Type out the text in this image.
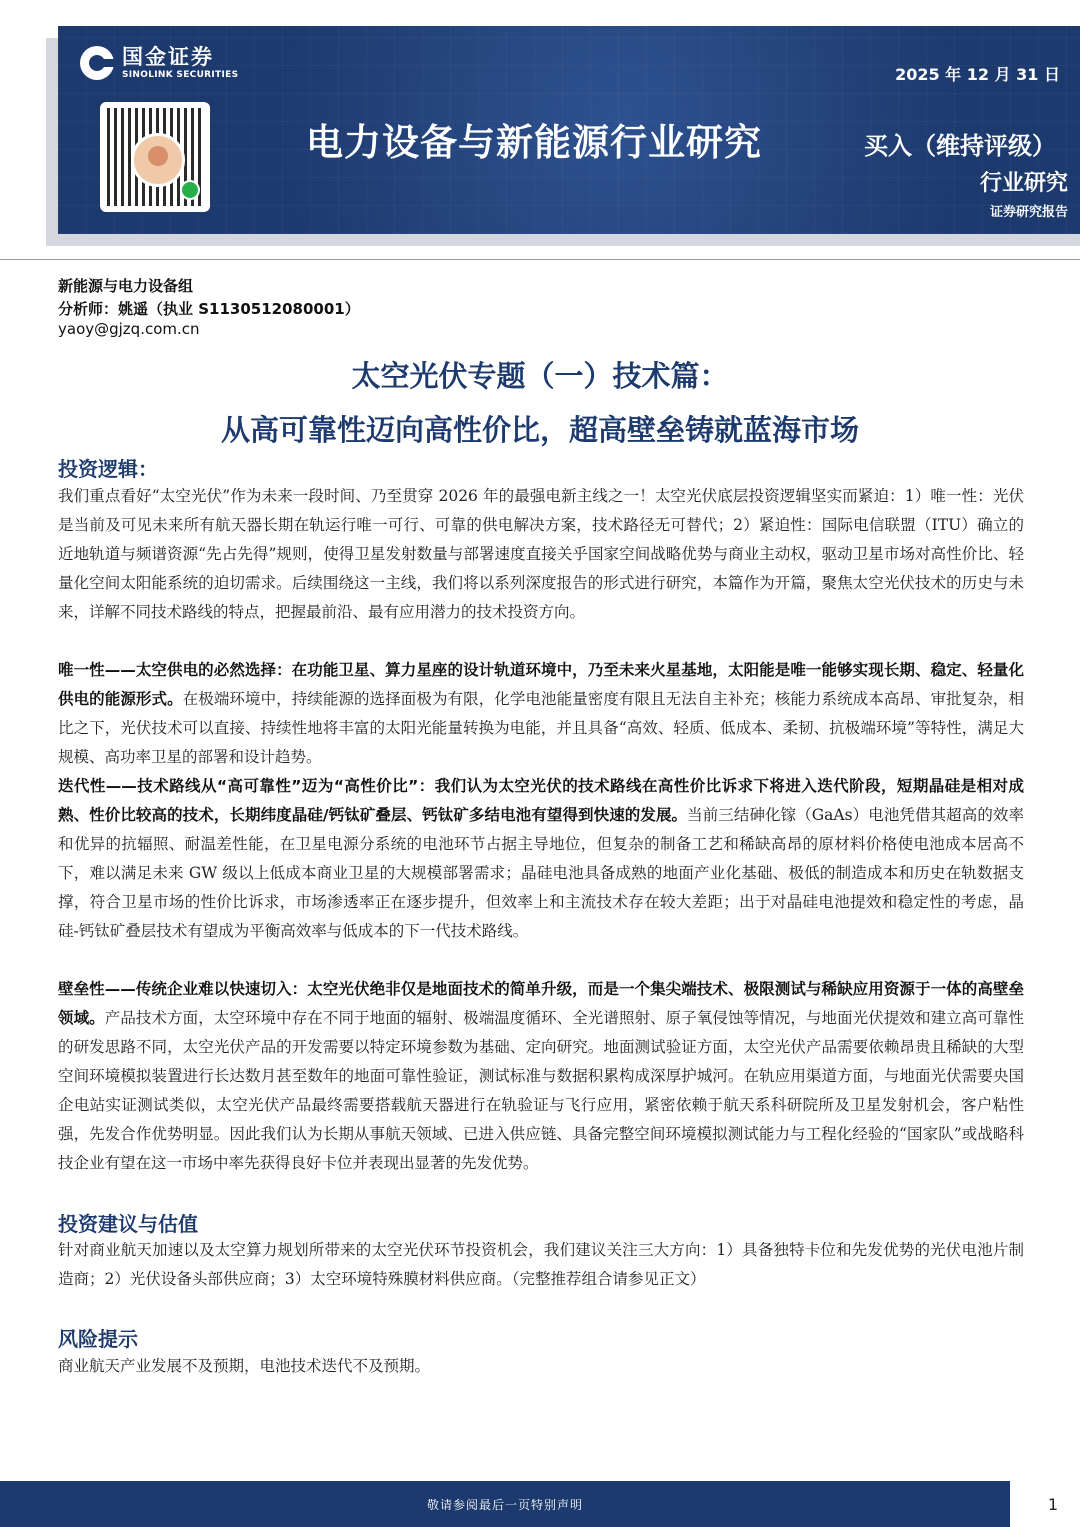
国金证券
SINOLINK SECURITIES	2025 年 12 月 31 日
电力设备与新能源行业研究	买入（维持评级）
行业研究
证券研究报告
新能源与电力设备组
分析师：姚遥（执业 S1130512080001）
yaoy@gjzq.com.cn
太空光伏专题（一）技术篇：
从高可靠性迈向高性价比，超高壁垒铸就蓝海市场
投资逻辑：

我们重点看好“太空光伏”作为未来一段时间、乃至贯穿 2026 年的最强电新主线之一！太空光伏底层投资逻辑坚实而紧迫：1）唯一性：光伏是当前及可见未来所有航天器长期在轨运行唯一可行、可靠的供电解决方案，技术路径无可替代；2）紧迫性：国际电信联盟（ITU）确立的近地轨道与频谱资源“先占先得”规则，使得卫星发射数量与部署速度直接关乎国家空间战略优势与商业主动权，驱动卫星市场对高性价比、轻量化空间太阳能系统的迫切需求。后续围绕这一主线，我们将以系列深度报告的形式进行研究，本篇作为开篇，聚焦太空光伏技术的历史与未来，详解不同技术路线的特点，把握最前沿、最有应用潜力的技术投资方向。

唯一性——太空供电的必然选择：在功能卫星、算力星座的设计轨道环境中，乃至未来火星基地，太阳能是唯一能够实现长期、稳定、轻量化供电的能源形式。在极端环境中，持续能源的选择面极为有限，化学电池能量密度有限且无法自主补充；核能力系统成本高昂、审批复杂，相比之下，光伏技术可以直接、持续性地将丰富的太阳光能量转换为电能，并且具备“高效、轻质、低成本、柔韧、抗极端环境”等特性，满足大规模、高功率卫星的部署和设计趋势。

迭代性——技术路线从“高可靠性”迈为“高性价比”：我们认为太空光伏的技术路线在高性价比诉求下将进入迭代阶段，短期晶硅是相对成熟、性价比较高的技术，长期纬度晶硅/钙钛矿叠层、钙钛矿多结电池有望得到快速的发展。当前三结砷化镓（GaAs）电池凭借其超高的效率和优异的抗辐照、耐温差性能，在卫星电源分系统的电池环节占据主导地位，但复杂的制备工艺和稀缺高昂的原材料价格使电池成本居高不下，难以满足未来 GW 级以上低成本商业卫星的大规模部署需求；晶硅电池具备成熟的地面产业化基础、极低的制造成本和历史在轨数据支撑，符合卫星市场的性价比诉求，市场渗透率正在逐步提升，但效率上和主流技术存在较大差距；出于对晶硅电池提效和稳定性的考虑，晶硅-钙钛矿叠层技术有望成为平衡高效率与低成本的下一代技术路线。

壁垒性——传统企业难以快速切入：太空光伏绝非仅是地面技术的简单升级，而是一个集尖端技术、极限测试与稀缺应用资源于一体的高壁垒领域。产品技术方面，太空环境中存在不同于地面的辐射、极端温度循环、全光谱照射、原子氧侵蚀等情况，与地面光伏提效和建立高可靠性的研发思路不同，太空光伏产品的开发需要以特定环境参数为基础、定向研究。地面测试验证方面，太空光伏产品需要依赖昂贵且稀缺的大型空间环境模拟装置进行长达数月甚至数年的地面可靠性验证，测试标准与数据积累构成深厚护城河。在轨应用渠道方面，与地面光伏需要央国企电站实证测试类似，太空光伏产品最终需要搭载航天器进行在轨验证与飞行应用，紧密依赖于航天系科研院所及卫星发射机会，客户粘性强，先发合作优势明显。因此我们认为长期从事航天领域、已进入供应链、具备完整空间环境模拟测试能力与工程化经验的“国家队”或战略科技企业有望在这一市场中率先获得良好卡位并表现出显著的先发优势。

投资建议与估值

针对商业航天加速以及太空算力规划所带来的太空光伏环节投资机会，我们建议关注三大方向：1）具备独特卡位和先发优势的光伏电池片制造商；2）光伏设备头部供应商；3）太空环境特殊膜材料供应商。（完整推荐组合请参见正文）

风险提示

商业航天产业发展不及预期，电池技术迭代不及预期。

敬请参阅最后一页特别声明	1
